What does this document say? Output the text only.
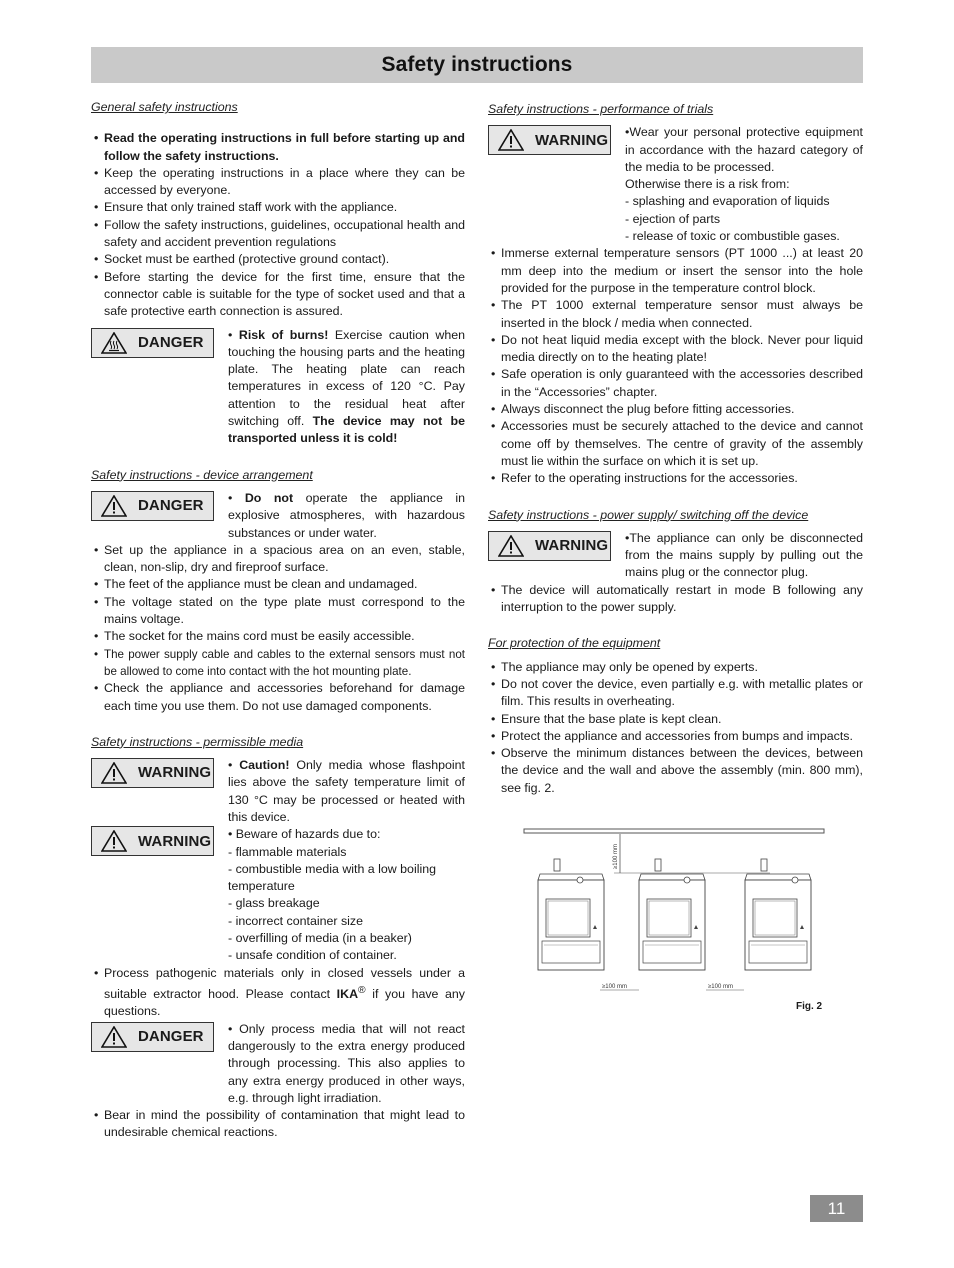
Safety instructions
General safety instructions
• Read the operating instructions in full before starting up and follow the safety instructions.
• Keep the operating instructions in a place where they can be accessed by everyone.
• Ensure that only trained staff work with the appliance.
• Follow the safety instructions, guidelines, occupational health and safety and accident prevention regulations
• Socket must be earthed (protective ground contact).
• Before starting the device for the first time, ensure that the connector cable is suitable for the type of socket used and that a safe protective earth connection is assured.
DANGER	• Risk of burns! Exercise caution when touching the housing parts and the heating plate. The heating plate can reach temperatures in excess of 120 °C. Pay attention to the residual heat after switching off. The device may not be transported unless it is cold!
Safety instructions - device arrangement
DANGER	• Do not operate the appliance in explosive atmospheres, with hazardous substances or under water.
• Set up the appliance in a spacious area on an even, stable, clean, non-slip, dry and fireproof surface.
• The feet of the appliance must be clean and undamaged.
• The voltage stated on the type plate must correspond to the mains voltage.
• The socket for the mains cord must be easily accessible.
• The power supply cable and cables to the external sensors must not be allowed to come into contact with the hot mounting plate.
• Check the appliance and accessories beforehand for damage each time you use them. Do not use damaged components.
Safety instructions - permissible media
WARNING	• Caution! Only media whose flashpoint lies above the safety temperature limit of 130 °C may be processed or heated with this device.
WARNING • Beware of hazards due to:
- flammable materials
- combustible media with a low boiling temperature
- glass breakage
- incorrect container size
- overfilling of media (in a beaker)
- unsafe condition of container.
• Process pathogenic materials only in closed vessels under a suitable extractor hood. Please contact IKA® if you have any questions.
DANGER	• Only process media that will not react dangerously to the extra energy produced through processing. This also applies to any extra energy produced in other ways, e.g. through light irradiation.
• Bear in mind the possibility of contamination that might lead to undesirable chemical reactions.
Safety instructions - performance of trials
WARNING •Wear your personal protective equipment in accordance with the hazard category of the media to be processed.
Otherwise there is a risk from:
- splashing and evaporation of liquids
- ejection of parts
- release of toxic or combustible gases.
• Immerse external temperature sensors (PT 1000 ...) at least 20 mm deep into the medium or insert the sensor into the hole provided for the purpose in the temperature control block.
• The PT 1000 external temperature sensor must always be inserted in the block / media when connected.
• Do not heat liquid media except with the block. Never pour liquid media directly on to the heating plate!
• Safe operation is only guaranteed with the accessories described in the “Accessories” chapter.
• Always disconnect the plug before fitting accessories.
• Accessories must be securely attached to the device and cannot come off by themselves. The centre of gravity of the assembly must lie within the surface on which it is set up.
• Refer to the operating instructions for the accessories.
Safety instructions - power supply/ switching off the device
WARNING	•The appliance can only be disconnected from the mains supply by pulling out the mains plug or the connector plug.
• The device will automatically restart in mode B following any interruption to the power supply.
For protection of the equipment
• The appliance may only be opened by experts.
• Do not cover the device, even partially e.g. with metallic plates or film. This results in overheating.
• Ensure that the base plate is kept clean.
• Protect the appliance and accessories from bumps and impacts.
• Observe the minimum distances between the devices, between the device and the wall and above the assembly (min. 800 mm), see fig. 2.
≥100 mm
≥100 mm	≥100 mm
Fig. 2
11
